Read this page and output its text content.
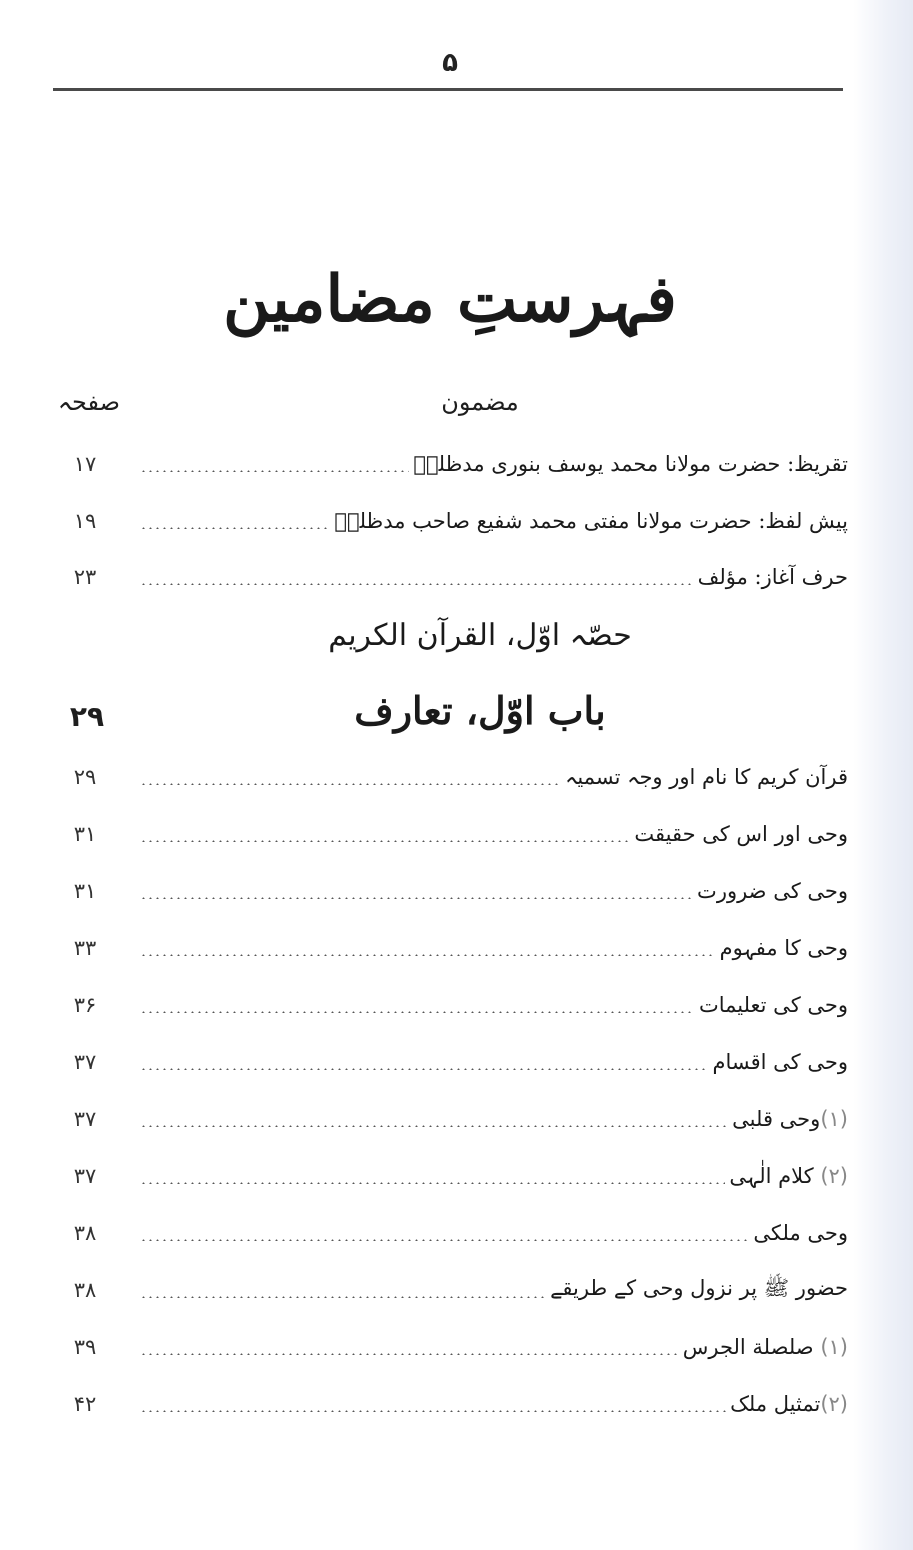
۵
فہرستِ مضامین
صفحہ	مضمون
تقریظ: حضرت مولانا محمد یوسف بنوری مدظلہٗ
۱۷
پیش لفظ: حضرت مولانا مفتی محمد شفیع صاحب مدظلہٗ
۱۹
حرف آغاز: مؤلف
۲۳
حصّہ اوّل، القرآن الکریم
باب اوّل، تعارف
۲۹
قرآن کریم کا نام اور وجہ تسمیہ
۲۹
وحی اور اس کی حقیقت
۳۱
وحی کی ضرورت
۳۱
وحی کا مفہوم
۳۳
وحی کی تعلیمات
۳۶
وحی کی اقسام
۳۷
(۱)وحی قلبی
۳۷
(۲) کلام الٰہی
۳۷
وحی ملکی
۳۸
حضور ﷺ پر نزول وحی کے طریقے
۳۸
(۱) صلصلة الجرس
۳۹
(۲)تمثیل ملک
۴۲
